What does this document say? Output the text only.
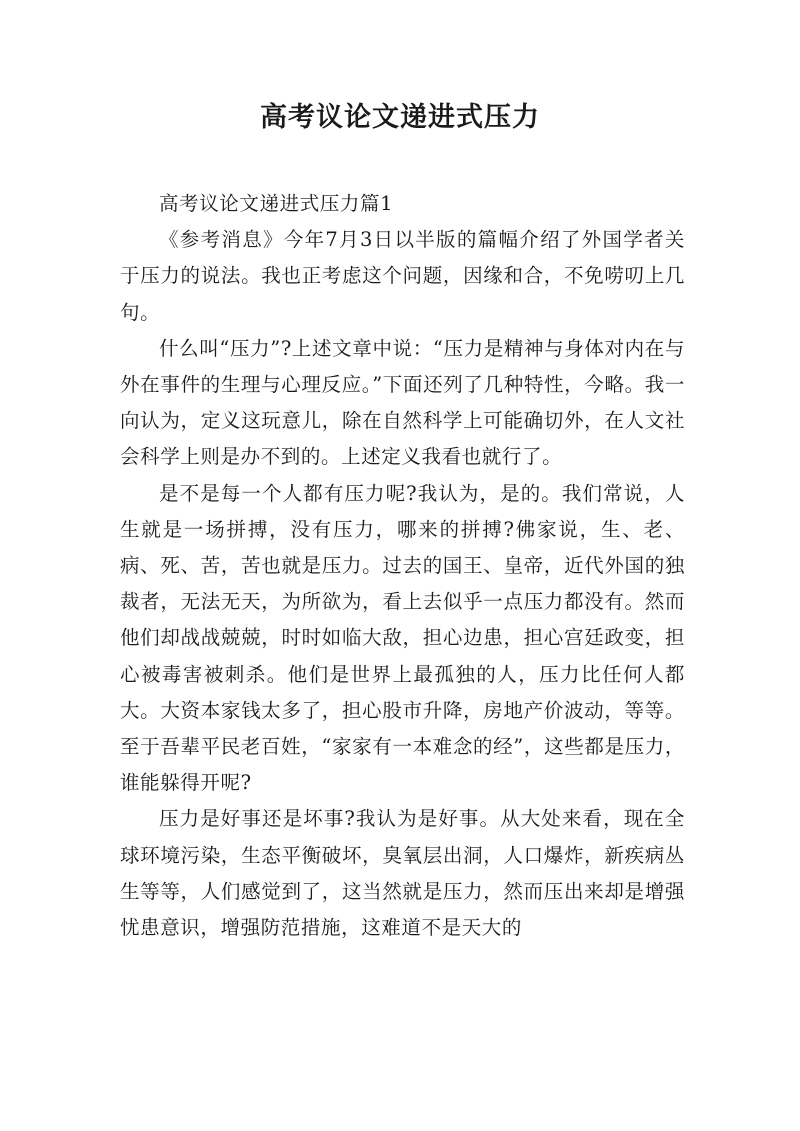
高考议论文递进式压力

高考议论文递进式压力篇1

《参考消息》今年7月3日以半版的篇幅介绍了外国学者关于压力的说法。我也正考虑这个问题，因缘和合，不免唠叨上几句。

什么叫“压力”?上述文章中说：“压力是精神与身体对内在与外在事件的生理与心理反应。”下面还列了几种特性，今略。我一向认为，定义这玩意儿，除在自然科学上可能确切外，在人文社会科学上则是办不到的。上述定义我看也就行了。

是不是每一个人都有压力呢?我认为，是的。我们常说，人生就是一场拼搏，没有压力，哪来的拼搏?佛家说，生、老、病、死、苦，苦也就是压力。过去的国王、皇帝，近代外国的独裁者，无法无天，为所欲为，看上去似乎一点压力都没有。然而他们却战战兢兢，时时如临大敌，担心边患，担心宫廷政变，担心被毒害被刺杀。他们是世界上最孤独的人，压力比任何人都大。大资本家钱太多了，担心股市升降，房地产价波动，等等。至于吾辈平民老百姓，“家家有一本难念的经”，这些都是压力，谁能躲得开呢?

压力是好事还是坏事?我认为是好事。从大处来看，现在全球环境污染，生态平衡破坏，臭氧层出洞，人口爆炸，新疾病丛生等等，人们感觉到了，这当然就是压力，然而压出来却是增强忧患意识，增强防范措施，这难道不是天大的
